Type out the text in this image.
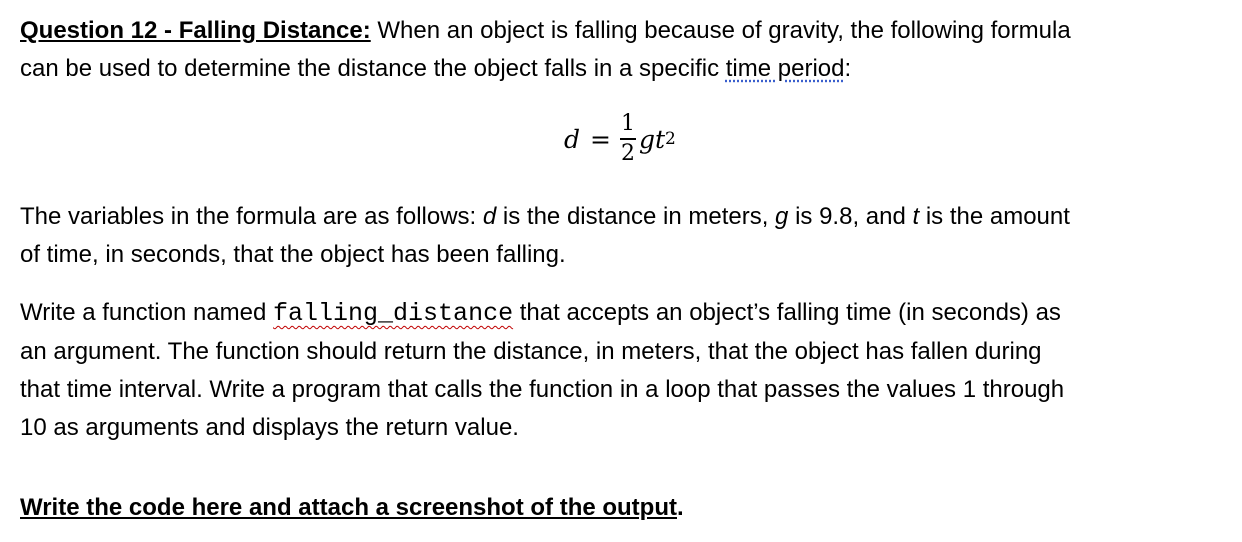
Question 12 - Falling Distance: When an object is falling because of gravity, the following formula
can be used to determine the distance the object falls in a specific time period:

$d = \frac{1}{2}$ gt 2

The variables in the formula are as follows: d is the distance in meters, g is 9.8, and t is the amount
of time, in seconds, that the object has been falling.

Write a function named falling_distance that accepts an object’s falling time (in seconds) as
an argument. The function should return the distance, in meters, that the object has fallen during
that time interval. Write a program that calls the function in a loop that passes the values 1 through
10 as arguments and displays the return value.

Write the code here and attach a screenshot of the output.
